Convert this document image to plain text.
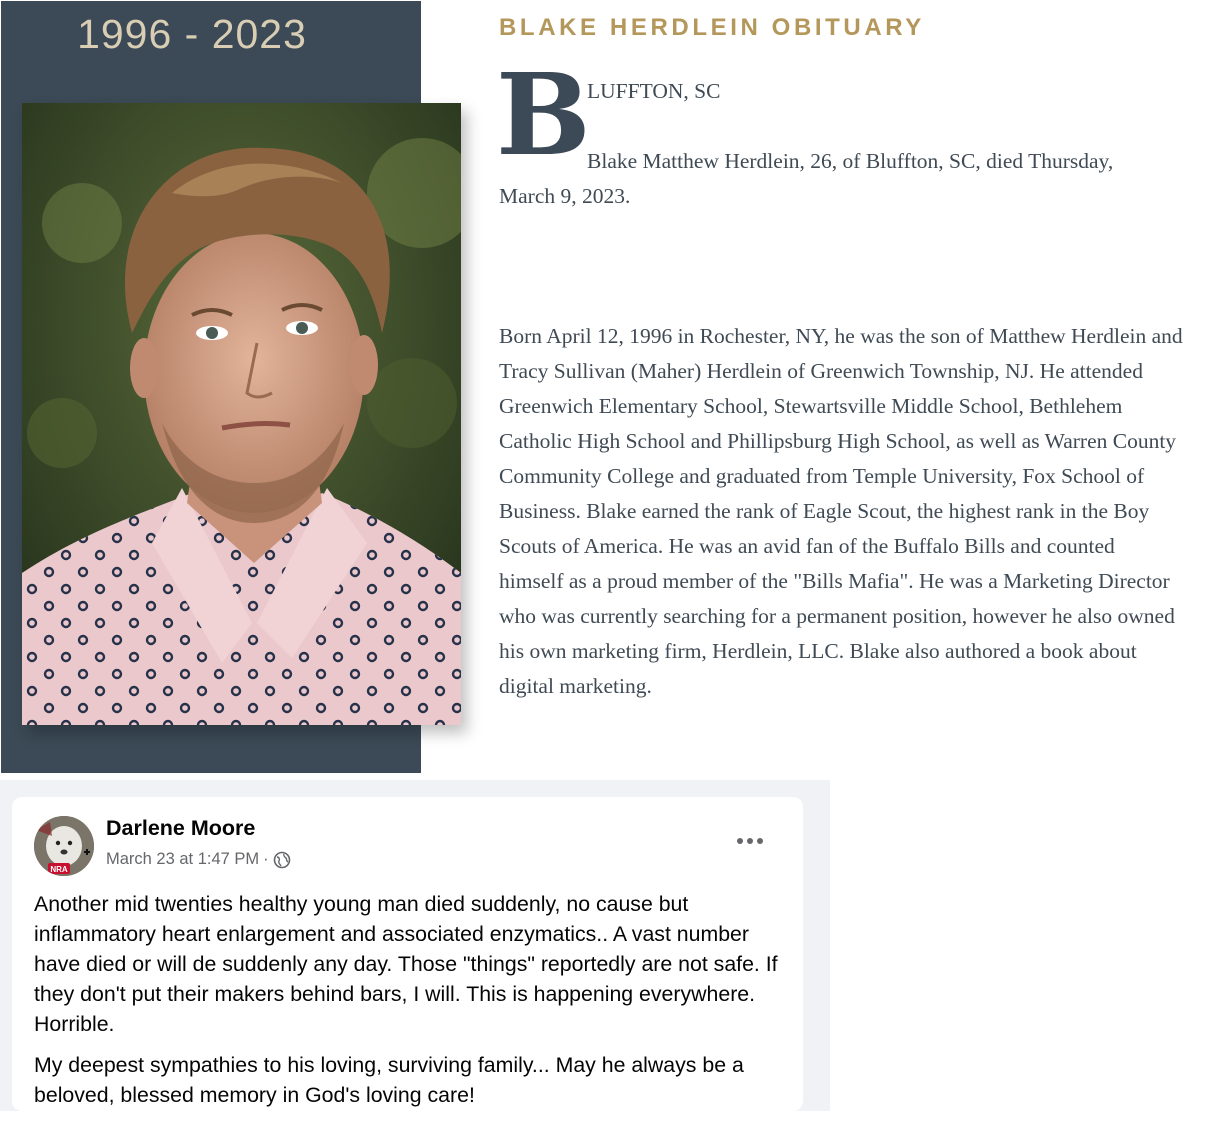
1996 - 2023	BLAKE HERDLEIN OBITUARY
B
LUFFTON, SC
Blake Matthew Herdlein, 26, of Bluffton, SC, died Thursday,
March 9, 2023.
Born April 12, 1996 in Rochester, NY, he was the son of Matthew Herdlein and Tracy Sullivan (Maher) Herdlein of Greenwich Township, NJ. He attended Greenwich Elementary School, Stewartsville Middle School, Bethlehem Catholic High School and Phillipsburg High School, as well as Warren County Community College and graduated from Temple University, Fox School of Business. Blake earned the rank of Eagle Scout, the highest rank in the Boy Scouts of America. He was an avid fan of the Buffalo Bills and counted himself as a proud member of the "Bills Mafia". He was a Marketing Director who was currently searching for a permanent position, however he also owned his own marketing firm, Herdlein, LLC. Blake also authored a book about digital marketing.
NRA
Darlene Moore
March 23 at 1:47 PM ·

Another mid twenties healthy young man died suddenly, no cause but inflammatory heart enlargement and associated enzymatics.. A vast number have died or will de suddenly any day. Those "things" reportedly are not safe. If they don't put their makers behind bars, I will. This is happening everywhere. Horrible.

My deepest sympathies to his loving, surviving family... May he always be a beloved, blessed memory in God's loving care!
